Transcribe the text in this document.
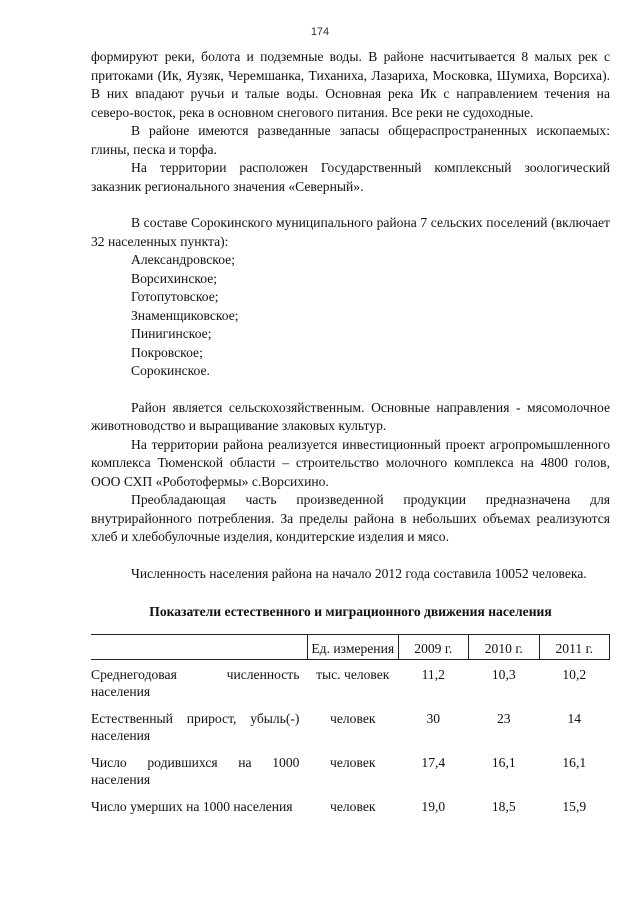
174

формируют реки, болота и подземные воды. В районе насчитывается 8 малых рек с притоками (Ик, Яузяк, Черемшанка, Тиханиха, Лазариха, Московка, Шумиха, Ворсиха). В них впадают ручьи и талые воды. Основная река Ик с направлением течения на северо-восток, река в основном снегового питания. Все реки не судоходные.

В районе имеются разведанные запасы общераспространенных ископаемых: глины, песка и торфа.

На территории расположен Государственный комплексный зоологический заказник регионального значения «Северный».

В составе Сорокинского муниципального района 7 сельских поселений (включает 32 населенных пункта):

Александровское;
Ворсихинское;
Готопутовское;
Знаменщиковское;
Пинигинское;
Покровское;
Сорокинское.

Район является сельскохозяйственным. Основные направления - мясомолочное животноводство и выращивание злаковых культур.

На территории района реализуется инвестиционный проект агропромышленного комплекса Тюменской области – строительство молочного комплекса на 4800 голов, ООО СХП «Роботофермы» с.Ворсихино.

Преобладающая часть произведенной продукции предназначена для внутрирайонного потребления. За пределы района в небольших объемах реализуются хлеб и хлебобулочные изделия, кондитерские изделия и мясо.

Численность населения района на начало 2012 года составила 10052 человека.

Показатели естественного и миграционного движения населения
	Ед. измерения	2009 г.	2010 г.	2011 г.
Среднегодовая численность населения	тыс. человек	11,2	10,3	10,2
Естественный прирост, убыль(-) населения	человек	30	23	14
Число родившихся на 1000 населения	человек	17,4	16,1	16,1
Число умерших на 1000 населения	человек	19,0	18,5	15,9
